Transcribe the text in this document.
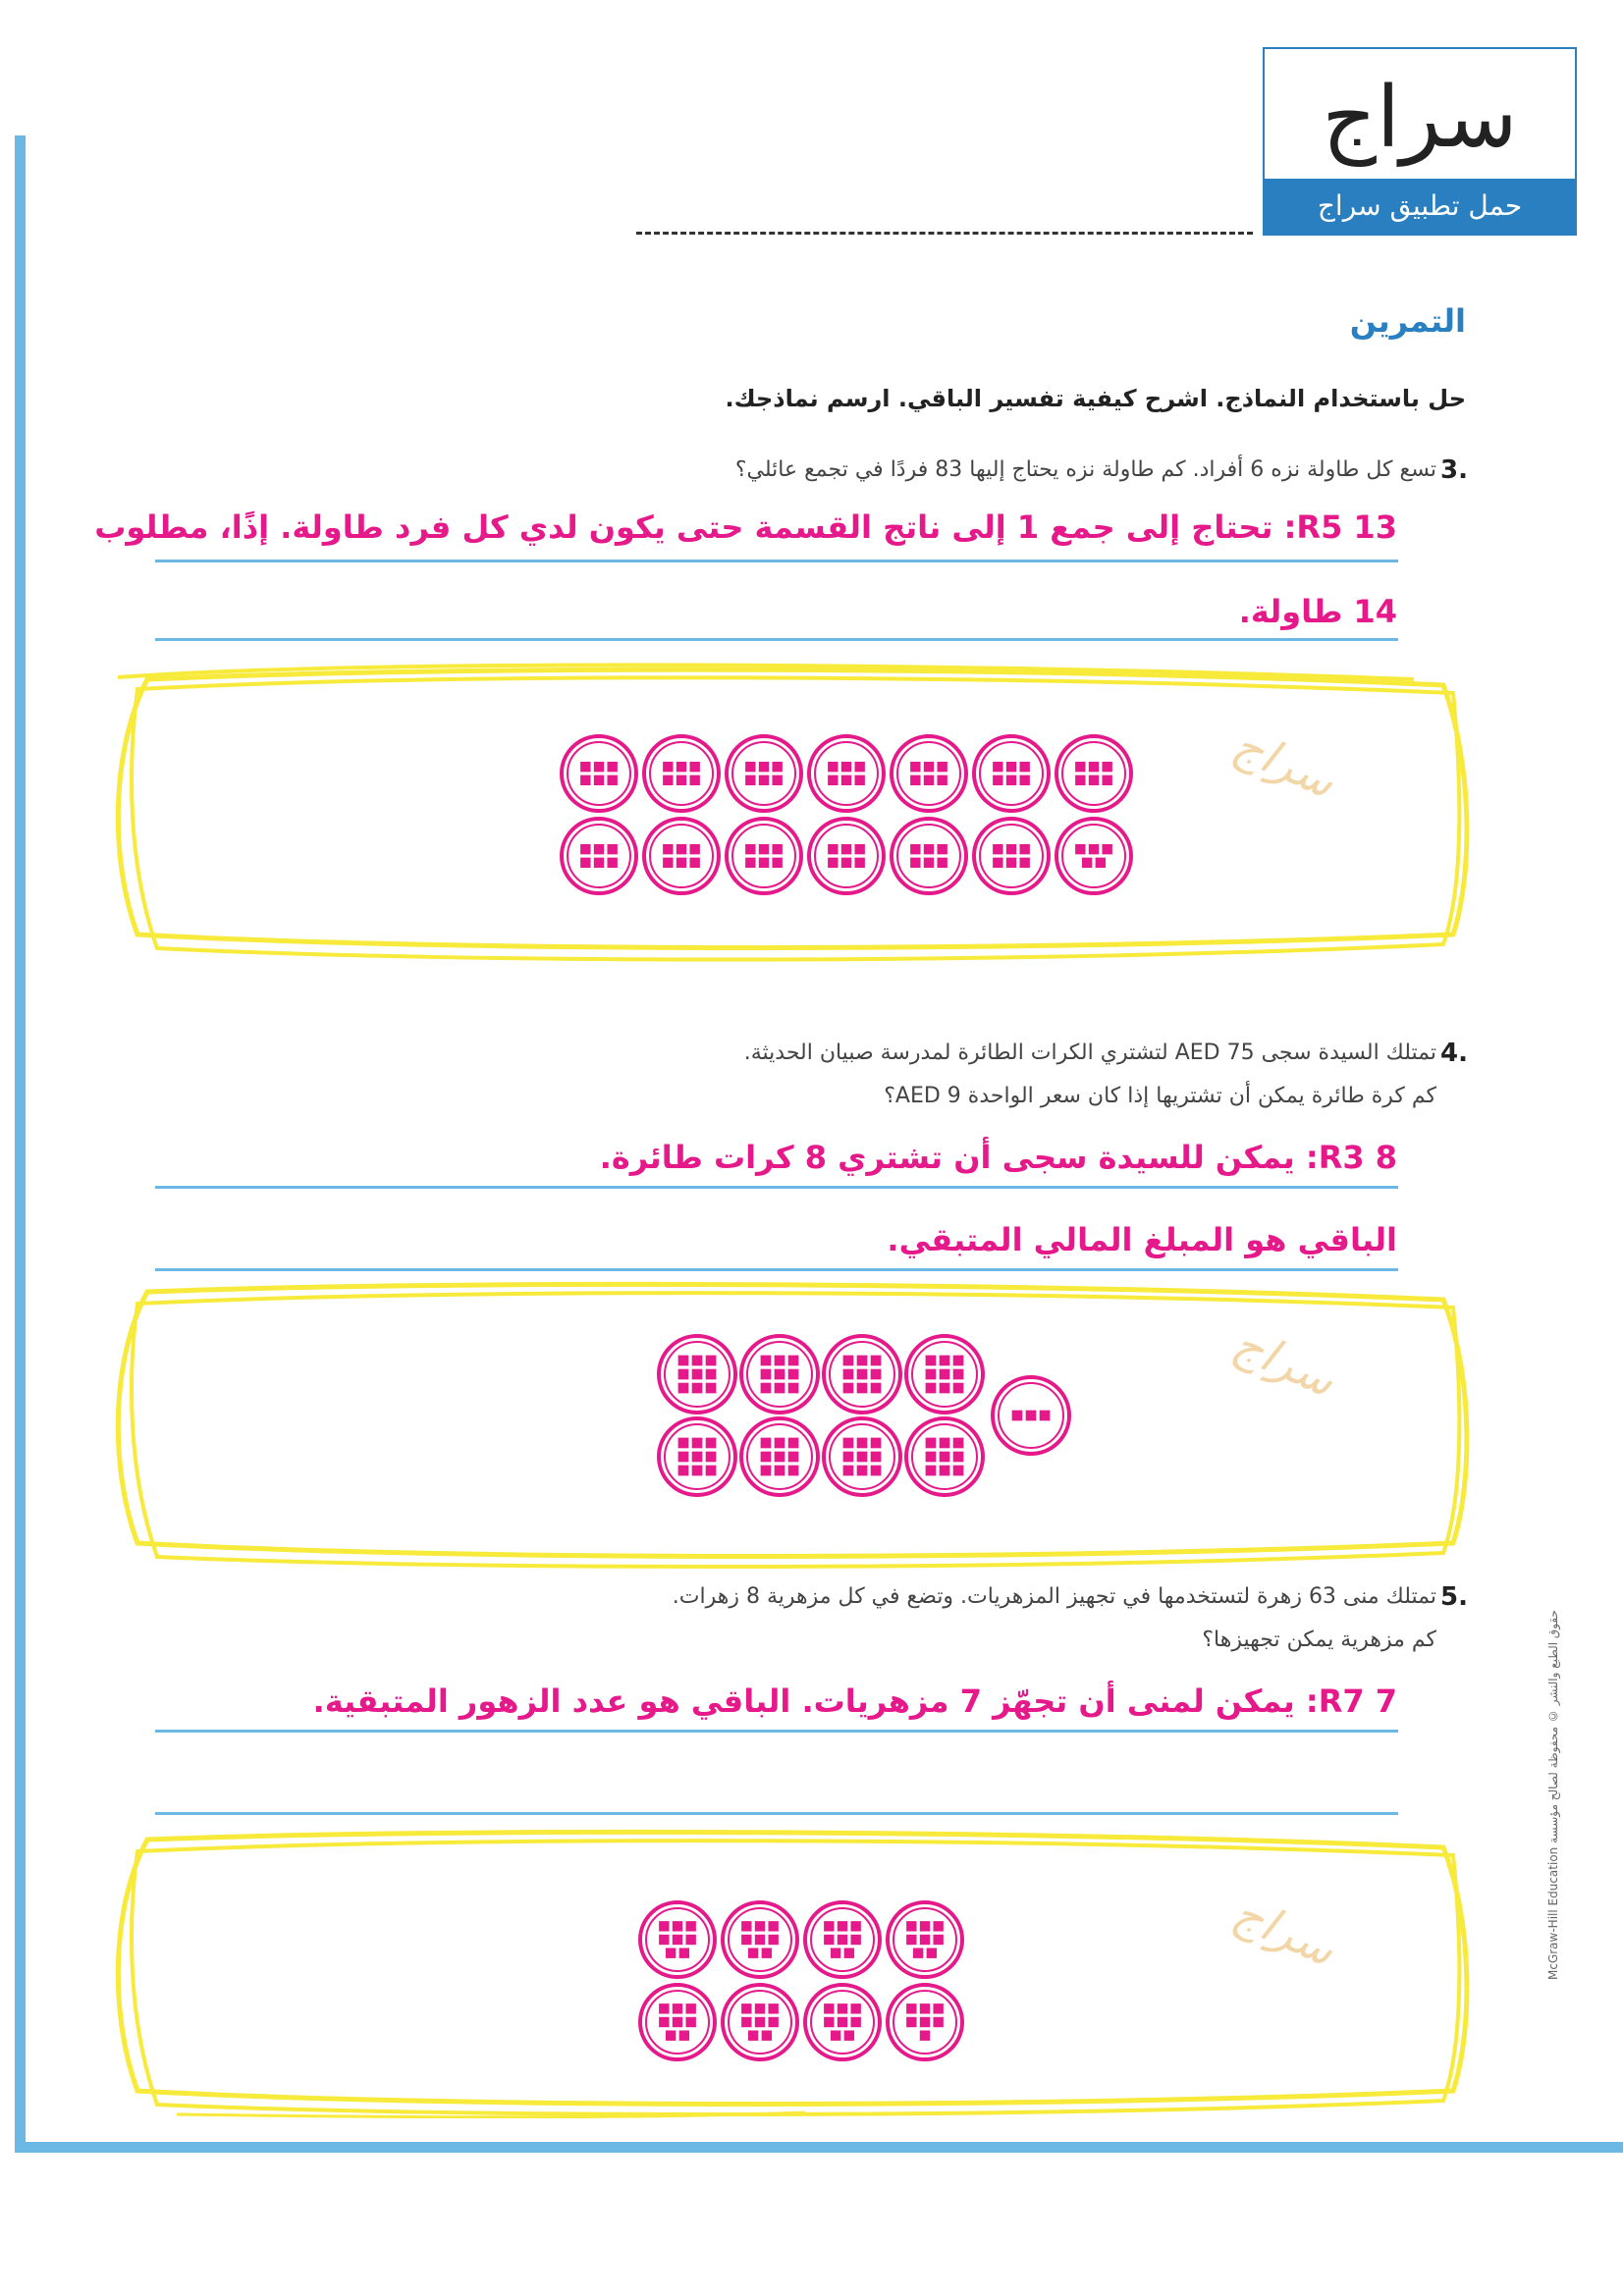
سراج
حمل تطبيق سراج
التمرين
حل باستخدام النماذج. اشرح كيفية تفسير الباقي. ارسم نماذجك.
3.
تسع كل طاولة نزه 6 أفراد. كم طاولة نزه يحتاج إليها 83 فردًا في تجمع عائلي؟
13 R5: تحتاج إلى جمع 1 إلى ناتج القسمة حتى يكون لدي كل فرد طاولة. إذًا، مطلوب
14 طاولة.
سراج
4.
تمتلك السيدة سجى 75 AED لتشتري الكرات الطائرة لمدرسة صبيان الحديثة.
كم كرة طائرة يمكن أن تشتريها إذا كان سعر الواحدة 9 AED؟
8 R3: يمكن للسيدة سجى أن تشتري 8 كرات طائرة.
الباقي هو المبلغ المالي المتبقي.
سراج
5.
تمتلك منى 63 زهرة لتستخدمها في تجهيز المزهريات. وتضع في كل مزهرية 8 زهرات.
كم مزهرية يمكن تجهيزها؟
7 R7: يمكن لمنى أن تجهّز 7 مزهريات. الباقي هو عدد الزهور المتبقية.
سراج	حقوق الطبع والنشر © محفوظة لصالح مؤسسة McGraw-Hill Education
